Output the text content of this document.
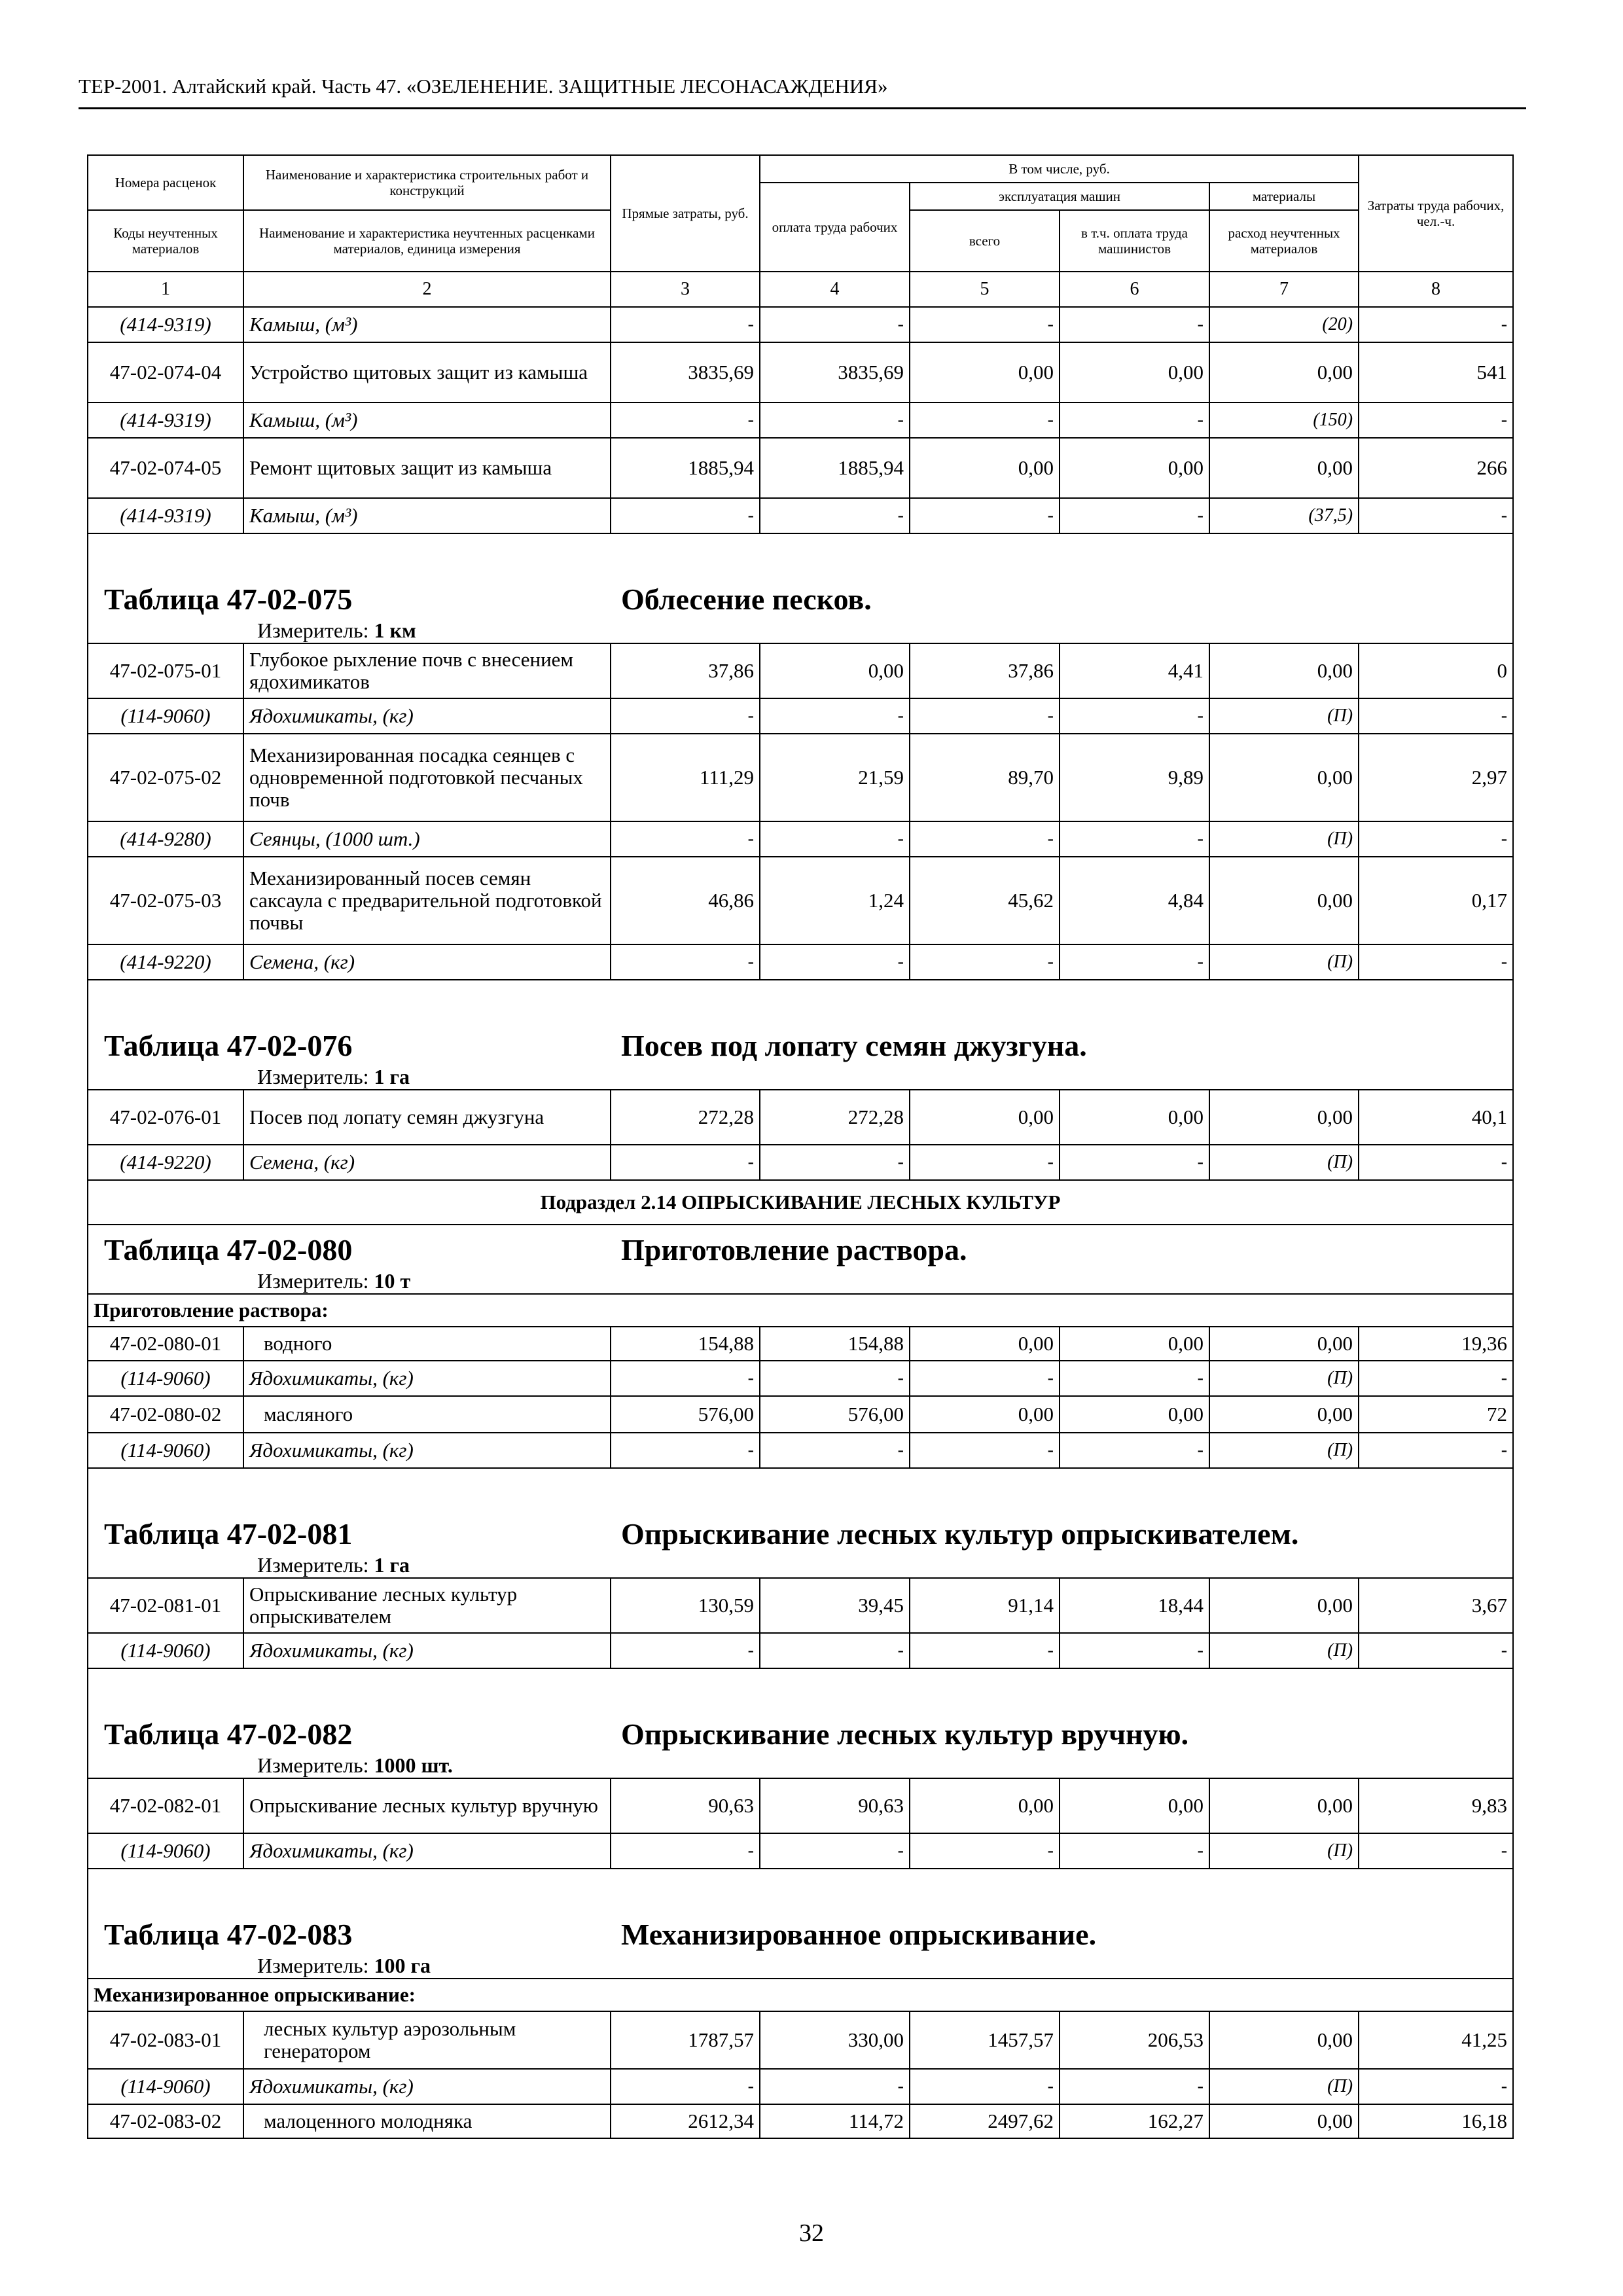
ТЕР-2001. Алтайский край. Часть 47. «ОЗЕЛЕНЕНИЕ. ЗАЩИТНЫЕ ЛЕСОНАСАЖДЕНИЯ»
Номера расценок	Наименование и характеристика строительных работ и конструкций	Прямые затраты, руб.	В том числе, руб.				Затраты труда рабочих, чел.-ч.
			оплата труда рабочих	эксплуатация машин		материалы	
Коды неучтенных материалов	Наименование и характеристика неучтенных расценками материалов, единица измерения			всего	в т.ч. оплата труда машинистов	расход неучтенных материалов	
1	2	3	4	5	6	7	8
(414-9319)	Камыш, (м³)	-	-	-	-	(20)	-
47-02-074-04	Устройство щитовых защит из камыша	3835,69	3835,69	0,00	0,00	0,00	541
(414-9319)	Камыш, (м³)	-	-	-	-	(150)	-
47-02-074-05	Ремонт щитовых защит из камыша	1885,94	1885,94	0,00	0,00	0,00	266
(414-9319)	Камыш, (м³)	-	-	-	-	(37,5)	-

Таблица 47-02-075 Облесение песков.
Измеритель: 1 км							

47-02-075-01	Глубокое рыхление почв с внесением ядохимикатов	37,86	0,00	37,86	4,41	0,00	0
(114-9060)	Ядохимикаты, (кг)	-	-	-	-	(П)	-
47-02-075-02	Механизированная посадка сеянцев с одновременной подготовкой песчаных почв	111,29	21,59	89,70	9,89	0,00	2,97
(414-9280)	Сеянцы, (1000 шт.)	-	-	-	-	(П)	-
47-02-075-03	Механизированный посев семян саксаула с предварительной подготовкой почвы	46,86	1,24	45,62	4,84	0,00	0,17
(414-9220)	Семена, (кг)	-	-	-	-	(П)	-

Таблица 47-02-076 Посев под лопату семян джузгуна.
Измеритель: 1 га							

47-02-076-01	Посев под лопату семян джузгуна	272,28	272,28	0,00	0,00	0,00	40,1
(414-9220)	Семена, (кг)	-	-	-	-	(П)	-
Подраздел 2.14 ОПРЫСКИВАНИЕ ЛЕСНЫХ КУЛЬТУР							

Таблица 47-02-080 Приготовление раствора.
Измеритель: 10 т							

Приготовление раствора:							
47-02-080-01	водного	154,88	154,88	0,00	0,00	0,00	19,36
(114-9060)	Ядохимикаты, (кг)	-	-	-	-	(П)	-
47-02-080-02	масляного	576,00	576,00	0,00	0,00	0,00	72
(114-9060)	Ядохимикаты, (кг)	-	-	-	-	(П)	-

Таблица 47-02-081 Опрыскивание лесных культур опрыскивателем.
Измеритель: 1 га							

47-02-081-01	Опрыскивание лесных культур опрыскивателем	130,59	39,45	91,14	18,44	0,00	3,67
(114-9060)	Ядохимикаты, (кг)	-	-	-	-	(П)	-

Таблица 47-02-082 Опрыскивание лесных культур вручную.
Измеритель: 1000 шт.							

47-02-082-01	Опрыскивание лесных культур вручную	90,63	90,63	0,00	0,00	0,00	9,83
(114-9060)	Ядохимикаты, (кг)	-	-	-	-	(П)	-

Таблица 47-02-083 Механизированное опрыскивание.
Измеритель: 100 га							

Механизированное опрыскивание:							
47-02-083-01	лесных культур аэрозольным генератором	1787,57	330,00	1457,57	206,53	0,00	41,25
(114-9060)	Ядохимикаты, (кг)	-	-	-	-	(П)	-
47-02-083-02	малоценного молодняка	2612,34	114,72	2497,62	162,27	0,00	16,18
32
